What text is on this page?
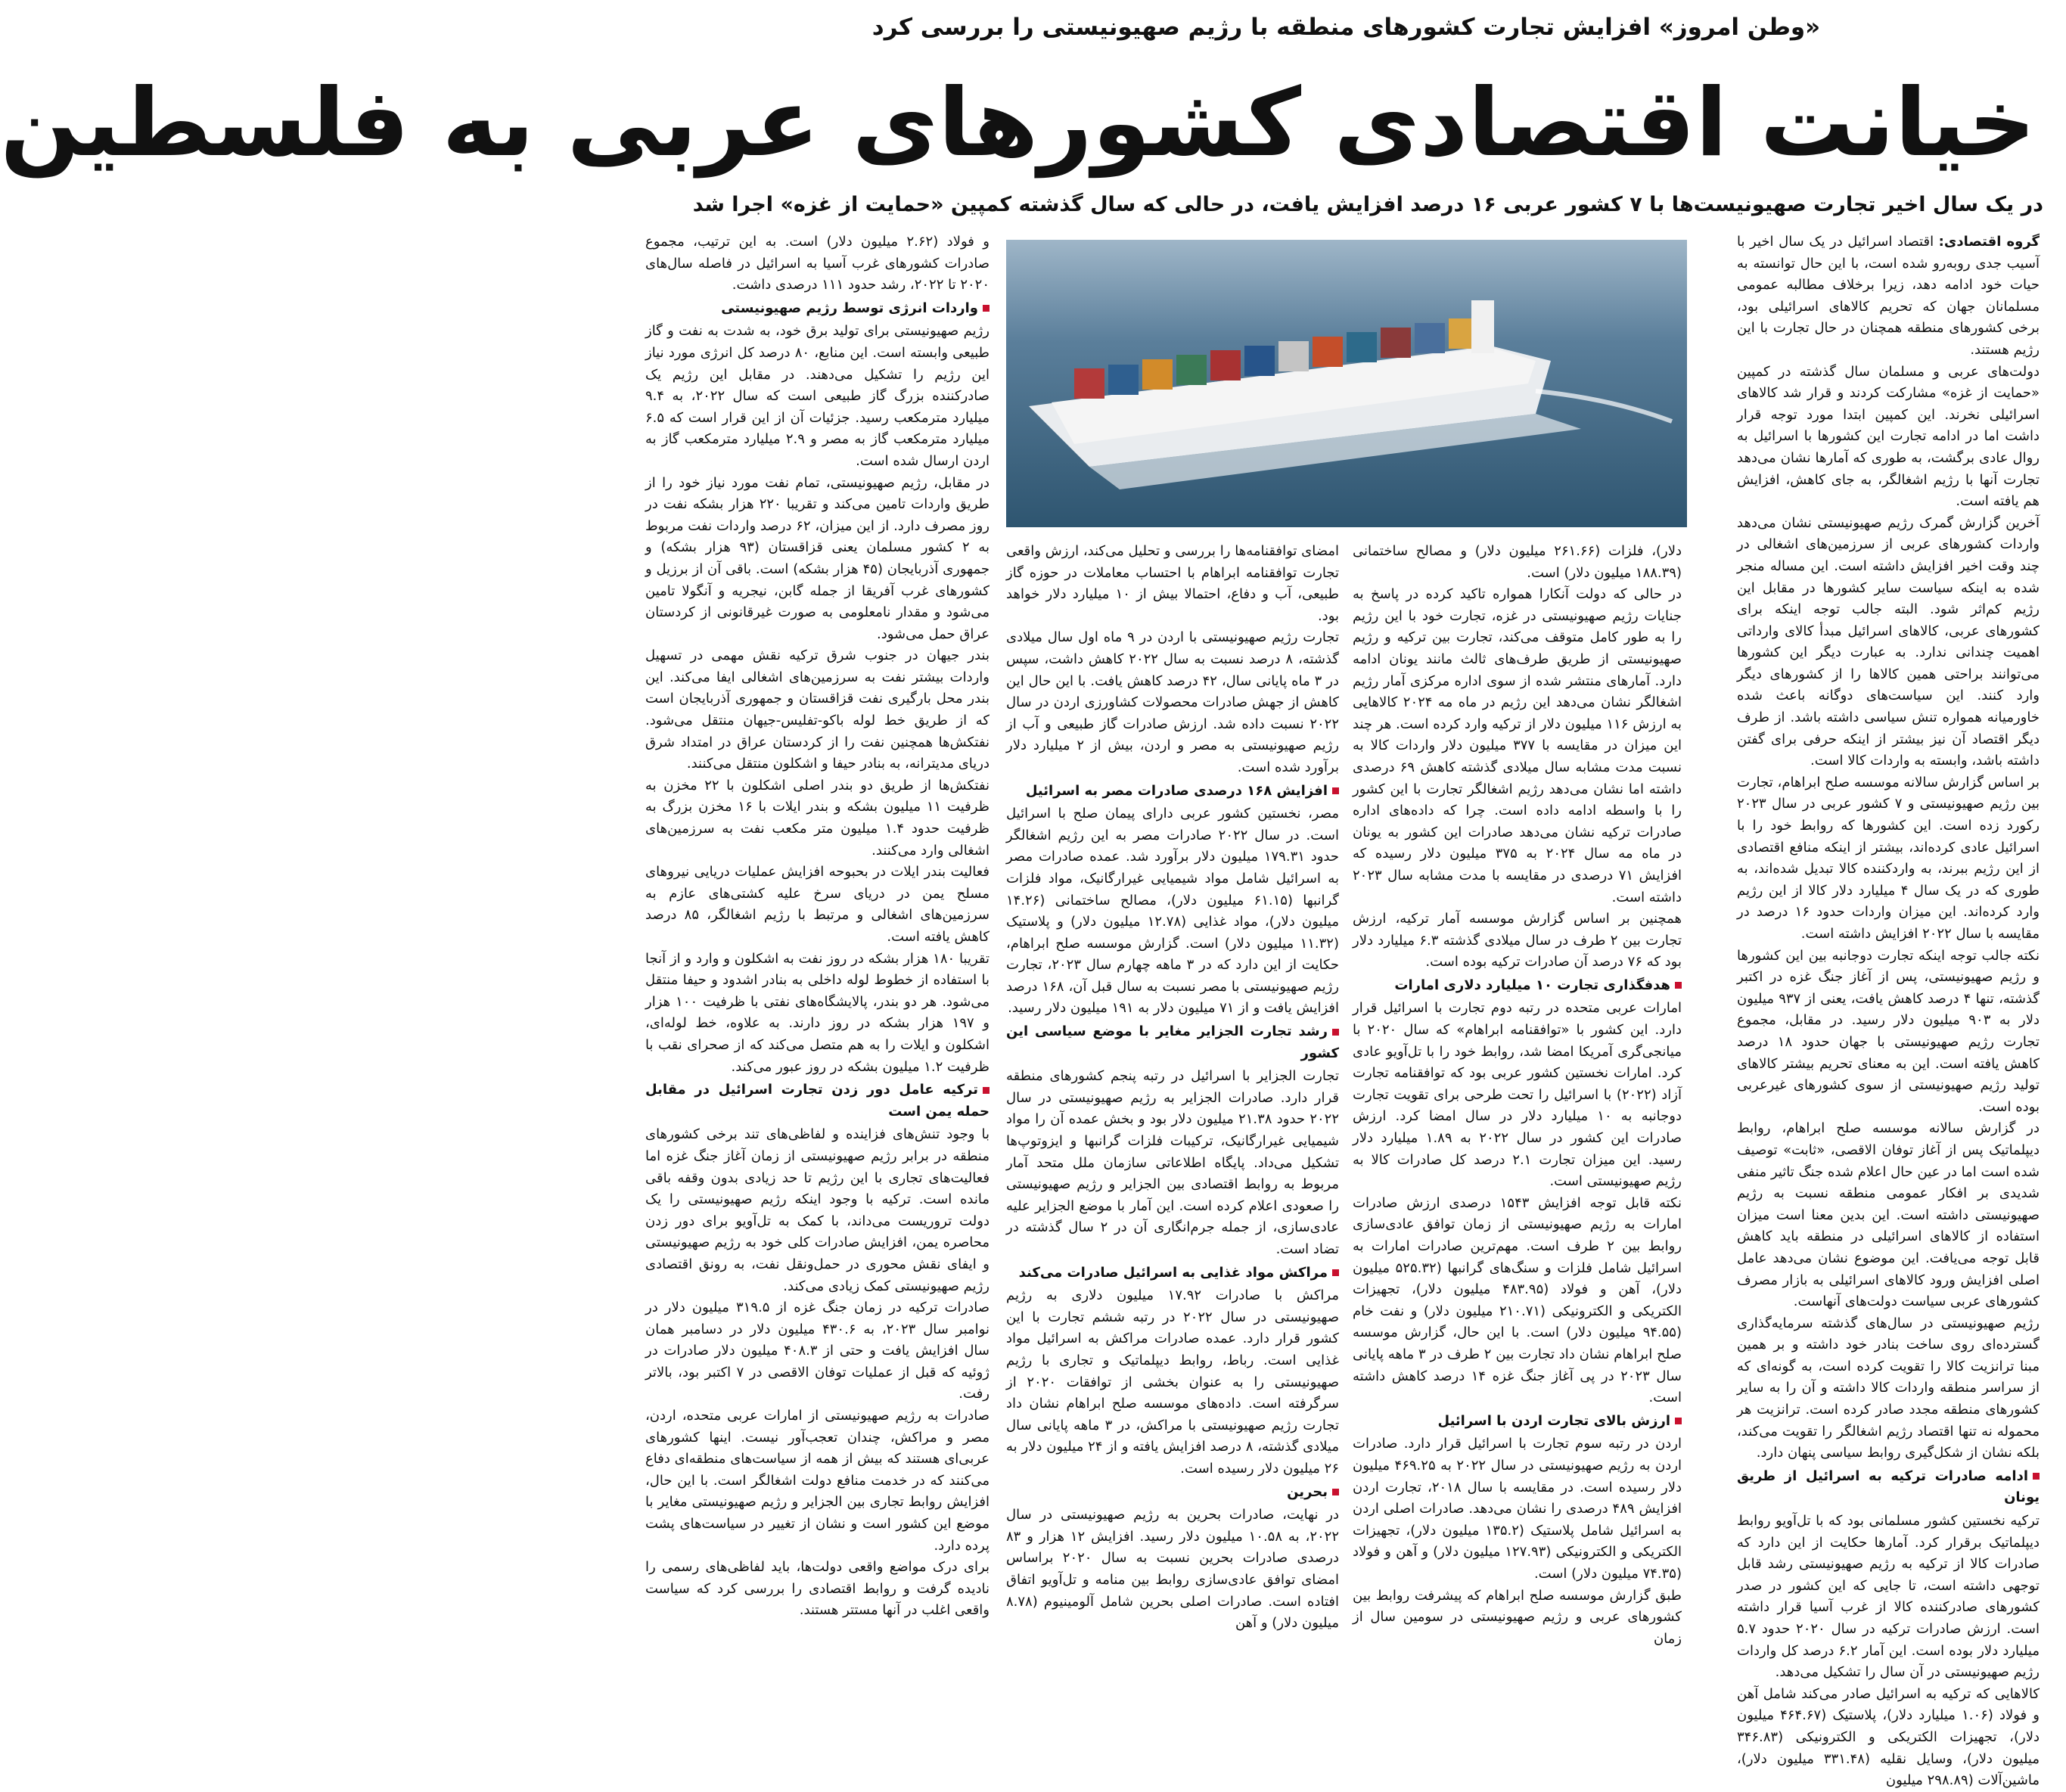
«وطن امروز» افزایش تجارت کشورهای منطقه با رژیم صهیونیستی را بررسی کرد
خیانت اقتصادی کشورهای عربی به فلسطین
در یک سال اخیر تجارت صهیونیست‌ها با ۷ کشور عربی ۱۶ درصد افزایش یافت، در حالی که سال گذشته کمپین «حمایت از غزه» اجرا شد

گروه اقتصادی: اقتصاد اسرائیل در یک سال اخیر با آسیب جدی روبه‌رو شده است، با این حال توانسته به حیات خود ادامه دهد، زیرا برخلاف مطالبه عمومی مسلمانان جهان که تحریم کالاهای اسرائیلی بود، برخی کشورهای منطقه همچنان در حال تجارت با این رژیم هستند.

دولت‌های عربی و مسلمان سال گذشته در کمپین «حمایت از غزه» مشارکت کردند و قرار شد کالاهای اسرائیلی نخرند. این کمپین ابتدا مورد توجه قرار داشت اما در ادامه تجارت این کشورها با اسرائیل به روال عادی برگشت، به طوری که آمارها نشان می‌دهد تجارت آنها با رژیم اشغالگر، به جای کاهش، افزایش هم یافته است.

آخرین گزارش گمرک رژیم صهیونیستی نشان می‌دهد واردات کشورهای عربی از سرزمین‌های اشغالی در چند وقت اخیر افزایش داشته است. این مساله منجر شده به اینکه سیاست سایر کشورها در مقابل این رژیم کم‌اثر شود. البته جالب توجه اینکه برای کشورهای عربی، کالاهای اسرائیل مبدأ کالای وارداتی اهمیت چندانی ندارد. به عبارت دیگر این کشورها می‌توانند براحتی همین کالاها را از کشورهای دیگر وارد کنند. این سیاست‌های دوگانه باعث شده خاورمیانه همواره تنش سیاسی داشته باشد. از طرف دیگر اقتصاد آن نیز بیشتر از اینکه حرفی برای گفتن داشته باشد، وابسته به واردات کالا است.

بر اساس گزارش سالانه موسسه صلح ابراهام، تجارت بین رژیم صهیونیستی و ۷ کشور عربی در سال ۲۰۲۳ رکورد زده است. این کشورها که روابط خود را با اسرائیل عادی کرده‌اند، بیشتر از اینکه منافع اقتصادی از این رژیم ببرند، به واردکننده کالا تبدیل شده‌اند، به طوری که در یک سال ۴ میلیارد دلار کالا از این رژیم وارد کرده‌اند. این میزان واردات حدود ۱۶ درصد در مقایسه با سال ۲۰۲۲ افزایش داشته است.

نکته جالب توجه اینکه تجارت دوجانبه بین این کشورها و رژیم صهیونیستی، پس از آغاز جنگ غزه در اکتبر گذشته، تنها ۴ درصد کاهش یافت، یعنی از ۹۳۷ میلیون دلار به ۹۰۳ میلیون دلار رسید. در مقابل، مجموع تجارت رژیم صهیونیستی با جهان حدود ۱۸ درصد کاهش یافته است. این به معنای تحریم بیشتر کالاهای تولید رژیم صهیونیستی از سوی کشورهای غیرعربی بوده است.

در گزارش سالانه موسسه صلح ابراهام، روابط دیپلماتیک پس از آغاز توفان الاقصی، «ثابت» توصیف شده است اما در عین حال اعلام شده جنگ تاثیر منفی شدیدی بر افکار عمومی منطقه نسبت به رژیم صهیونیستی داشته است. این بدین معنا است میزان استفاده از کالاهای اسرائیلی در منطقه باید کاهش قابل توجه می‌یافت. این موضوع نشان می‌دهد عامل اصلی افزایش ورود کالاهای اسرائیلی به بازار مصرف کشورهای عربی سیاست دولت‌های آنهاست.

رژیم صهیونیستی در سال‌های گذشته سرمایه‌گذاری گسترده‌ای روی ساخت بنادر خود داشته و بر همین مبنا ترانزیت کالا را تقویت کرده است، به گونه‌ای که از سراسر منطقه واردات کالا داشته و آن را به سایر کشورهای منطقه مجدد صادر کرده است. ترانزیت هر محموله نه تنها اقتصاد رژیم اشغالگر را تقویت می‌کند، بلکه نشان از شکل‌گیری روابط سیاسی پنهان دارد.

ادامه صادرات ترکیه به اسرائیل از طریق یونان

ترکیه نخستین کشور مسلمانی بود که با تل‌آویو روابط دیپلماتیک برقرار کرد. آمارها حکایت از این دارد که صادرات کالا از ترکیه به رژیم صهیونیستی رشد قابل توجهی داشته است، تا جایی که این کشور در صدر کشورهای صادرکننده کالا از غرب آسیا قرار داشته است. ارزش صادرات ترکیه در سال ۲۰۲۰ حدود ۵.۷ میلیارد دلار بوده است. این آمار ۶.۲ درصد کل واردات رژیم صهیونیستی در آن سال را تشکیل می‌دهد.

کالاهایی که ترکیه به اسرائیل صادر می‌کند شامل آهن و فولاد (۱.۰۶ میلیارد دلار)، پلاستیک (۴۶۴.۶۷ میلیون دلار)، تجهیزات الکتریکی و الکترونیکی (۳۴۶.۸۳ میلیون دلار)، وسایل نقلیه (۳۳۱.۴۸ میلیون دلار)، ماشین‌آلات (۲۹۸.۸۹ میلیون

دلار)، فلزات (۲۶۱.۶۶ میلیون دلار) و مصالح ساختمانی (۱۸۸.۳۹ میلیون دلار) است.

در حالی که دولت آنکارا همواره تاکید کرده در پاسخ به جنایات رژیم صهیونیستی در غزه، تجارت خود با این رژیم را به طور کامل متوقف می‌کند، تجارت بین ترکیه و رژیم صهیونیستی از طریق طرف‌های ثالث مانند یونان ادامه دارد. آمارهای منتشر شده از سوی اداره مرکزی آمار رژیم اشغالگر نشان می‌دهد این رژیم در ماه مه ۲۰۲۴ کالاهایی به ارزش ۱۱۶ میلیون دلار از ترکیه وارد کرده است. هر چند این میزان در مقایسه با ۳۷۷ میلیون دلار واردات کالا به نسبت مدت مشابه سال میلادی گذشته کاهش ۶۹ درصدی داشته اما نشان می‌دهد رژیم اشغالگر تجارت با این کشور را با واسطه ادامه داده است. چرا که داده‌های اداره صادرات ترکیه نشان می‌دهد صادرات این کشور به یونان در ماه مه سال ۲۰۲۴ به ۳۷۵ میلیون دلار رسیده که افزایش ۷۱ درصدی در مقایسه با مدت مشابه سال ۲۰۲۳ داشته است.

همچنین بر اساس گزارش موسسه آمار ترکیه، ارزش تجارت بین ۲ طرف در سال میلادی گذشته ۶.۳ میلیارد دلار بود که ۷۶ درصد آن صادرات ترکیه بوده است.

هدفگذاری تجارت ۱۰ میلیارد دلاری امارات

امارات عربی متحده در رتبه دوم تجارت با اسرائیل قرار دارد. این کشور با «توافقنامه ابراهام» که سال ۲۰۲۰ با میانجی‌گری آمریکا امضا شد، روابط خود را با تل‌آویو عادی کرد. امارات نخستین کشور عربی بود که توافقنامه تجارت آزاد (۲۰۲۲) با اسرائیل را تحت طرحی برای تقویت تجارت دوجانبه به ۱۰ میلیارد دلار در سال امضا کرد. ارزش صادرات این کشور در سال ۲۰۲۲ به ۱.۸۹ میلیارد دلار رسید. این میزان تجارت ۲.۱ درصد کل صادرات کالا به رژیم صهیونیستی است.

نکته قابل توجه افزایش ۱۵۴۳ درصدی ارزش صادرات امارات به رژیم صهیونیستی از زمان توافق عادی‌سازی روابط بین ۲ طرف است. مهم‌ترین صادرات امارات به اسرائیل شامل فلزات و سنگ‌های گرانبها (۵۲۵.۳۲ میلیون دلار)، آهن و فولاد (۴۸۳.۹۵ میلیون دلار)، تجهیزات الکتریکی و الکترونیکی (۲۱۰.۷۱ میلیون دلار) و نفت خام (۹۴.۵۵ میلیون دلار) است. با این حال، گزارش موسسه صلح ابراهام نشان داد تجارت بین ۲ طرف در ۳ ماهه پایانی سال ۲۰۲۳ در پی آغاز جنگ غزه ۱۴ درصد کاهش داشته است.

ارزش بالای تجارت اردن با اسرائیل

اردن در رتبه سوم تجارت با اسرائیل قرار دارد. صادرات اردن به رژیم صهیونیستی در سال ۲۰۲۲ به ۴۶۹.۲۵ میلیون دلار رسیده است. در مقایسه با سال ۲۰۱۸، تجارت اردن افزایش ۴۸۹ درصدی را نشان می‌دهد. صادرات اصلی اردن به اسرائیل شامل پلاستیک (۱۳۵.۲ میلیون دلار)، تجهیزات الکتریکی و الکترونیکی (۱۲۷.۹۳ میلیون دلار) و آهن و فولاد (۷۴.۳۵ میلیون دلار) است.

طبق گزارش موسسه صلح ابراهام که پیشرفت روابط بین کشورهای عربی و رژیم صهیونیستی در سومین سال از زمان

امضای توافقنامه‌ها را بررسی و تحلیل می‌کند، ارزش واقعی تجارت توافقنامه ابراهام با احتساب معاملات در حوزه گاز طبیعی، آب و دفاع، احتمالا بیش از ۱۰ میلیارد دلار خواهد بود.

تجارت رژیم صهیونیستی با اردن در ۹ ماه اول سال میلادی گذشته، ۸ درصد نسبت به سال ۲۰۲۲ کاهش داشت، سپس در ۳ ماه پایانی سال، ۴۲ درصد کاهش یافت. با این حال این کاهش از جهش صادرات محصولات کشاورزی اردن در سال ۲۰۲۲ نسبت داده شد. ارزش صادرات گاز طبیعی و آب از رژیم صهیونیستی به مصر و اردن، بیش از ۲ میلیارد دلار برآورد شده است.

افزایش ۱۶۸ درصدی صادرات مصر به اسرائیل

مصر، نخستین کشور عربی دارای پیمان صلح با اسرائیل است. در سال ۲۰۲۲ صادرات مصر به این رژیم اشغالگر حدود ۱۷۹.۳۱ میلیون دلار برآورد شد. عمده صادرات مصر به اسرائیل شامل مواد شیمیایی غیرارگانیک، مواد فلزات گرانبها (۶۱.۱۵ میلیون دلار)، مصالح ساختمانی (۱۴.۲۶ میلیون دلار)، مواد غذایی (۱۲.۷۸ میلیون دلار) و پلاستیک (۱۱.۳۲ میلیون دلار) است. گزارش موسسه صلح ابراهام، حکایت از این دارد که در ۳ ماهه چهارم سال ۲۰۲۳، تجارت رژیم صهیونیستی با مصر نسبت به سال قبل آن، ۱۶۸ درصد افزایش یافت و از ۷۱ میلیون دلار به ۱۹۱ میلیون دلار رسید.

رشد تجارت الجزایر مغایر با موضع سیاسی این کشور

تجارت الجزایر با اسرائیل در رتبه پنجم کشورهای منطقه قرار دارد. صادرات الجزایر به رژیم صهیونیستی در سال ۲۰۲۲ حدود ۲۱.۳۸ میلیون دلار بود و بخش عمده آن را مواد شیمیایی غیرارگانیک، ترکیبات فلزات گرانبها و ایزوتوپ‌ها تشکیل می‌داد. پایگاه اطلاعاتی سازمان ملل متحد آمار مربوط به روابط اقتصادی بین الجزایر و رژیم صهیونیستی را صعودی اعلام کرده است. این آمار با موضع الجزایر علیه عادی‌سازی، از جمله جرم‌انگاری آن در ۲ سال گذشته در تضاد است.

مراکش مواد غذایی به اسرائیل صادرات می‌کند

مراکش با صادرات ۱۷.۹۲ میلیون دلاری به رژیم صهیونیستی در سال ۲۰۲۲ در رتبه ششم تجارت با این کشور قرار دارد. عمده صادرات مراکش به اسرائیل مواد غذایی است. رباط، روابط دیپلماتیک و تجاری با رژیم صهیونیستی را به عنوان بخشی از توافقات ۲۰۲۰ از سرگرفته است. داده‌های موسسه صلح ابراهام نشان داد تجارت رژیم صهیونیستی با مراکش، در ۳ ماهه پایانی سال میلادی گذشته، ۸ درصد افزایش یافته و از ۲۴ میلیون دلار به ۲۶ میلیون دلار رسیده است.

بحرین

در نهایت، صادرات بحرین به رژیم صهیونیستی در سال ۲۰۲۲، به ۱۰.۵۸ میلیون دلار رسید. افزایش ۱۲ هزار و ۸۳ درصدی صادرات بحرین نسبت به سال ۲۰۲۰ براساس امضای توافق عادی‌سازی روابط بین منامه و تل‌آویو اتفاق افتاده است. صادرات اصلی بحرین شامل آلومینیوم (۸.۷۸ میلیون دلار) و آهن

و فولاد (۲.۶۲ میلیون دلار) است. به این ترتیب، مجموع صادرات کشورهای غرب آسیا به اسرائیل در فاصله سال‌های ۲۰۲۰ تا ۲۰۲۲، رشد حدود ۱۱۱ درصدی داشت.

واردات انرژی توسط رژیم صهیونیستی

رژیم صهیونیستی برای تولید برق خود، به شدت به نفت و گاز طبیعی وابسته است. این منابع، ۸۰ درصد کل انرژی مورد نیاز این رژیم را تشکیل می‌دهند. در مقابل این رژیم یک صادرکننده بزرگ گاز طبیعی است که سال ۲۰۲۲، به ۹.۴ میلیارد مترمکعب رسید. جزئیات آن از این قرار است که ۶.۵ میلیارد مترمکعب گاز به مصر و ۲.۹ میلیارد مترمکعب گاز به اردن ارسال شده است.

در مقابل، رژیم صهیونیستی، تمام نفت مورد نیاز خود را از طریق واردات تامین می‌کند و تقریبا ۲۲۰ هزار بشکه نفت در روز مصرف دارد. از این میزان، ۶۲ درصد واردات نفت مربوط به ۲ کشور مسلمان یعنی قزاقستان (۹۳ هزار بشکه) و جمهوری آذربایجان (۴۵ هزار بشکه) است. باقی آن از برزیل و کشورهای غرب آفریقا از جمله گابن، نیجریه و آنگولا تامین می‌شود و مقدار نامعلومی به صورت غیرقانونی از کردستان عراق حمل می‌شود.

بندر جیهان در جنوب شرق ترکیه نقش مهمی در تسهیل واردات بیشتر نفت به سرزمین‌های اشغالی ایفا می‌کند. این بندر محل بارگیری نفت قزاقستان و جمهوری آذربایجان است که از طریق خط لوله باکو-تفلیس-جیهان منتقل می‌شود. نفتکش‌ها همچنین نفت را از کردستان عراق در امتداد شرق دریای مدیترانه، به بنادر حیفا و اشکلون منتقل می‌کنند.

نفتکش‌ها از طریق دو بندر اصلی اشکلون با ۲۲ مخزن به ظرفیت ۱۱ میلیون بشکه و بندر ایلات با ۱۶ مخزن بزرگ به ظرفیت حدود ۱.۴ میلیون متر مکعب نفت به سرزمین‌های اشغالی وارد می‌کنند.

فعالیت بندر ایلات در بحبوحه افزایش عملیات دریایی نیروهای مسلح یمن در دریای سرخ علیه کشتی‌های عازم به سرزمین‌های اشغالی و مرتبط با رژیم اشغالگر، ۸۵ درصد کاهش یافته است.

تقریبا ۱۸۰ هزار بشکه در روز نفت به اشکلون و وارد و از آنجا با استفاده از خطوط لوله داخلی به بنادر اشدود و حیفا منتقل می‌شود. هر دو بندر، پالایشگاه‌های نفتی با ظرفیت ۱۰۰ هزار و ۱۹۷ هزار بشکه در روز دارند. به علاوه، خط لوله‌ای، اشکلون و ایلات را به هم متصل می‌کند که از صحرای نقب با ظرفیت ۱.۲ میلیون بشکه در روز عبور می‌کند.

ترکیه عامل دور زدن تجارت اسرائیل در مقابل حمله یمن است

با وجود تنش‌های فزاینده و لفاظی‌های تند برخی کشورهای منطقه در برابر رژیم صهیونیستی از زمان آغاز جنگ غزه اما فعالیت‌های تجاری با این رژیم تا حد زیادی بدون وقفه باقی مانده است. ترکیه با وجود اینکه رژیم صهیونیستی را یک دولت تروریست می‌داند، با کمک به تل‌آویو برای دور زدن محاصره یمن، افزایش صادرات کلی خود به رژیم صهیونیستی و ایفای نقش محوری در حمل‌ونقل نفت، به رونق اقتصادی رژیم صهیونیستی کمک زیادی می‌کند.

صادرات ترکیه در زمان جنگ غزه از ۳۱۹.۵ میلیون دلار در نوامبر سال ۲۰۲۳، به ۴۳۰.۶ میلیون دلار در دسامبر همان سال افزایش یافت و حتی از ۴۰۸.۳ میلیون دلار صادرات در ژوئیه که قبل از عملیات توفان الاقصی در ۷ اکتبر بود، بالاتر رفت.

صادرات به رژیم صهیونیستی از امارات عربی متحده، اردن، مصر و مراکش، چندان تعجب‌آور نیست. اینها کشورهای عربی‌ای هستند که بیش از همه از سیاست‌های منطقه‌ای دفاع می‌کنند که در خدمت منافع دولت اشغالگر است. با این حال، افزایش روابط تجاری بین الجزایر و رژیم صهیونیستی مغایر با موضع این کشور است و نشان از تغییر در سیاست‌های پشت پرده دارد.

برای درک مواضع واقعی دولت‌ها، باید لفاظی‌های رسمی را نادیده گرفت و روابط اقتصادی را بررسی کرد که سیاست واقعی اغلب در آنها مستتر هستند.
